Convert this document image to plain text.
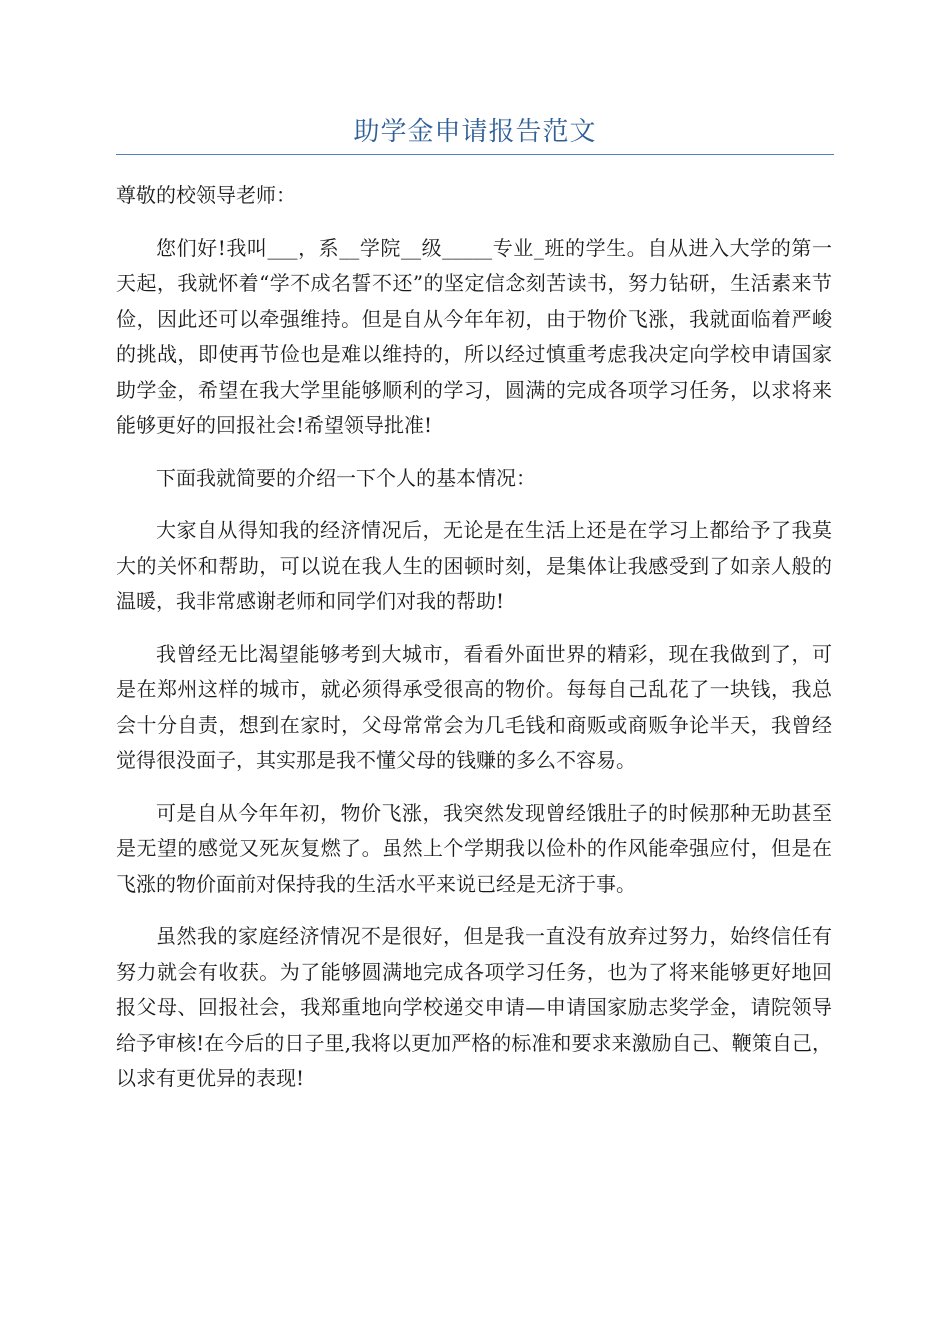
助学金申请报告范文

尊敬的校领导老师：

您们好!我叫___，系__学院__级_____专业_班的学生。自从进入大学的第一天起，我就怀着“学不成名誓不还”的坚定信念刻苦读书，努力钻研，生活素来节俭，因此还可以牵强维持。但是自从今年年初，由于物价飞涨，我就面临着严峻的挑战，即使再节俭也是难以维持的，所以经过慎重考虑我决定向学校申请国家助学金，希望在我大学里能够顺利的学习，圆满的完成各项学习任务，以求将来能够更好的回报社会!希望领导批准!

下面我就简要的介绍一下个人的基本情况：

大家自从得知我的经济情况后，无论是在生活上还是在学习上都给予了我莫大的关怀和帮助，可以说在我人生的困顿时刻，是集体让我感受到了如亲人般的温暖，我非常感谢老师和同学们对我的帮助!

我曾经无比渴望能够考到大城市，看看外面世界的精彩，现在我做到了，可是在郑州这样的城市，就必须得承受很高的物价。每每自己乱花了一块钱，我总会十分自责，想到在家时，父母常常会为几毛钱和商贩或商贩争论半天，我曾经觉得很没面子，其实那是我不懂父母的钱赚的多么不容易。

可是自从今年年初，物价飞涨，我突然发现曾经饿肚子的时候那种无助甚至是无望的感觉又死灰复燃了。虽然上个学期我以俭朴的作风能牵强应付，但是在飞涨的物价面前对保持我的生活水平来说已经是无济于事。

虽然我的家庭经济情况不是很好，但是我一直没有放弃过努力，始终信任有努力就会有收获。为了能够圆满地完成各项学习任务，也为了将来能够更好地回报父母、回报社会，我郑重地向学校递交申请—申请国家励志奖学金，请院领导给予审核!在今后的日子里,我将以更加严格的标准和要求来激励自己、鞭策自己，以求有更优异的表现!
